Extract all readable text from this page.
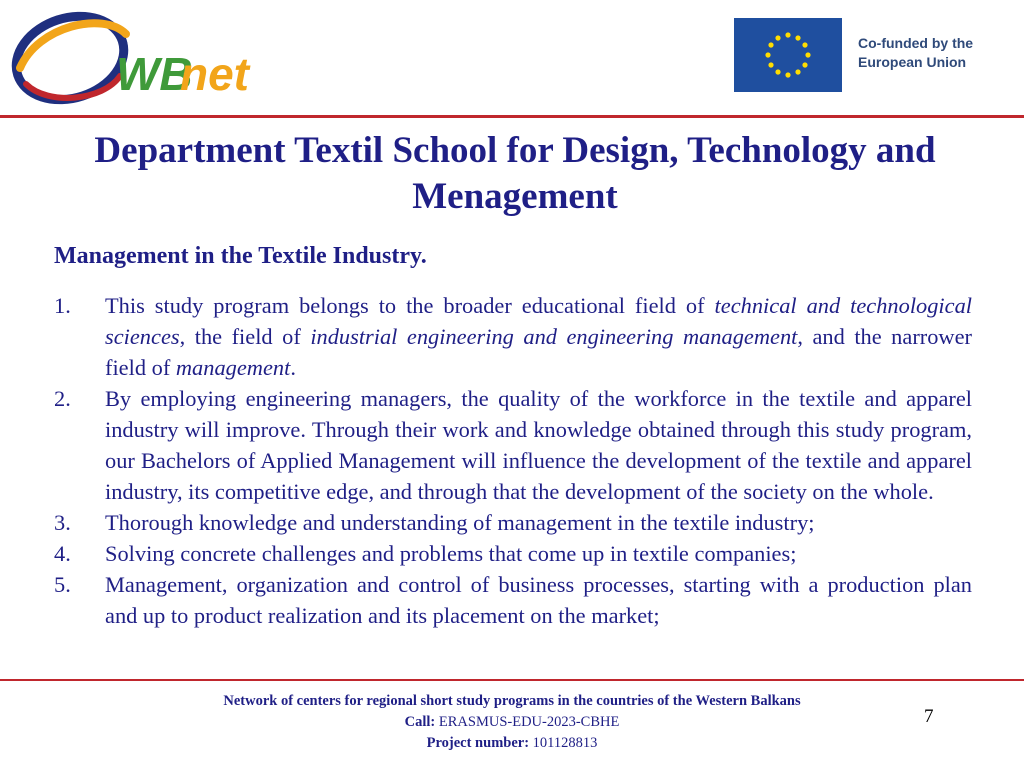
WB
net
Co-funded by the
European Union
Department Textil School for Design, Technology and Menagement
Management in the Textile Industry.
1. This study program belongs to the broader educational field of technical and technological sciences, the field of industrial engineering and engineering management, and the narrower field of management.
2. By employing engineering managers, the quality of the workforce in the textile and apparel industry will improve. Through their work and knowledge obtained through this study program, our Bachelors of Applied Management will influence the development of the textile and apparel industry, its competitive edge, and through that the development of the society on the whole.
3. Thorough knowledge and understanding of management in the textile industry;
4. Solving concrete challenges and problems that come up in textile companies;
5. Management, organization and control of business processes, starting with a production plan and up to product realization and its placement on the market;
Network of centers for regional short study programs in the countries of the Western Balkans
Call: ERASMUS-EDU-2023-CBHE
Project number: 101128813
7
